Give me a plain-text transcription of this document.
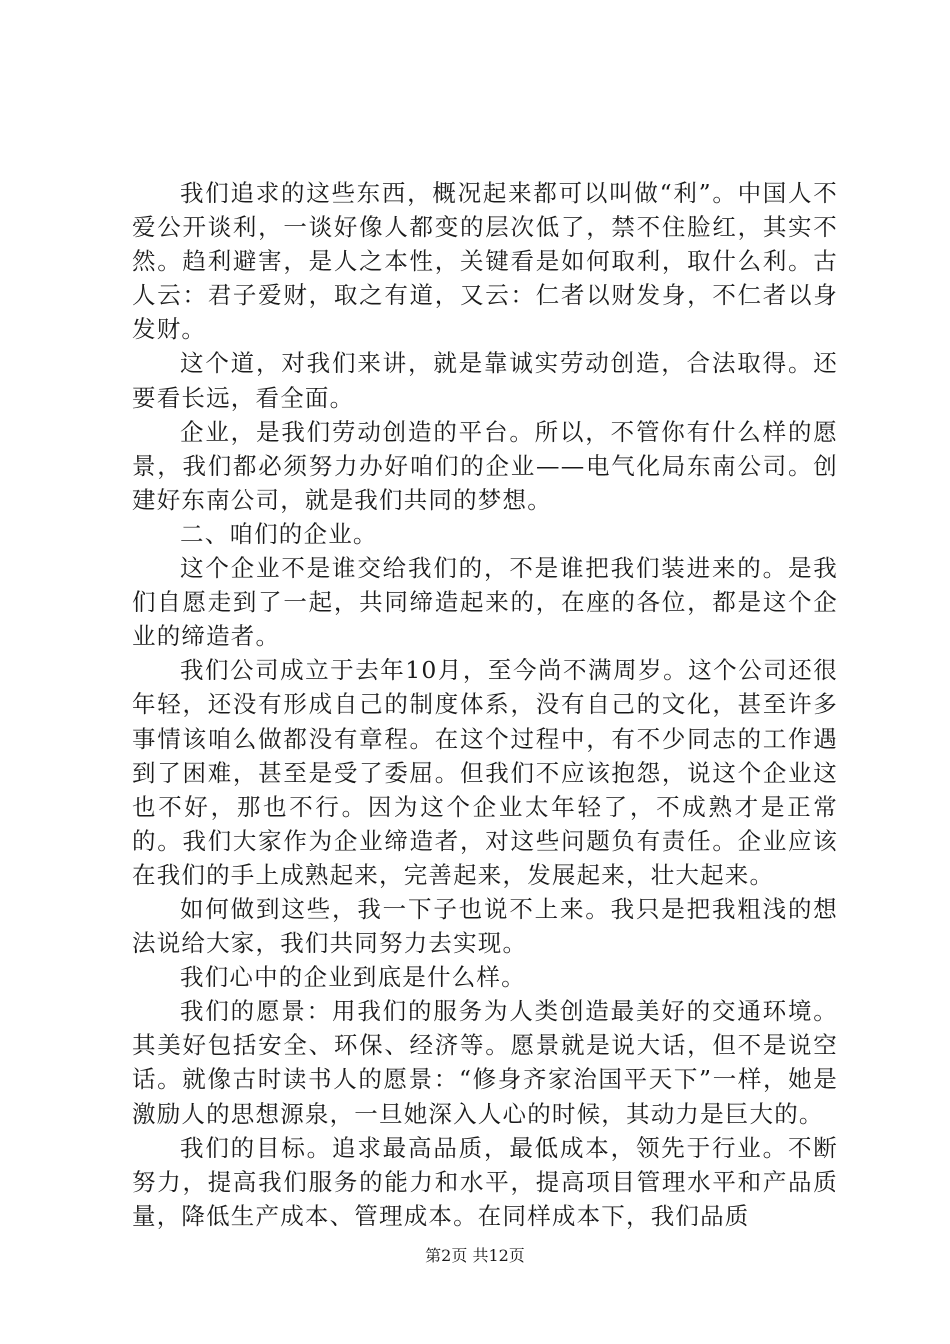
我们追求的这些东西，概况起来都可以叫做“利”。中国人不爱公开谈利，一谈好像人都变的层次低了，禁不住脸红，其实不然。趋利避害，是人之本性，关键看是如何取利，取什么利。古人云：君子爱财，取之有道，又云：仁者以财发身，不仁者以身发财。

这个道，对我们来讲，就是靠诚实劳动创造，合法取得。还要看长远，看全面。

企业，是我们劳动创造的平台。所以，不管你有什么样的愿景，我们都必须努力办好咱们的企业——电气化局东南公司。创建好东南公司，就是我们共同的梦想。

二、咱们的企业。

这个企业不是谁交给我们的，不是谁把我们装进来的。是我们自愿走到了一起，共同缔造起来的，在座的各位，都是这个企业的缔造者。

我们公司成立于去年10月，至今尚不满周岁。这个公司还很年轻，还没有形成自己的制度体系，没有自己的文化，甚至许多事情该咱么做都没有章程。在这个过程中，有不少同志的工作遇到了困难，甚至是受了委屈。但我们不应该抱怨，说这个企业这也不好，那也不行。因为这个企业太年轻了，不成熟才是正常的。我们大家作为企业缔造者，对这些问题负有责任。企业应该在我们的手上成熟起来，完善起来，发展起来，壮大起来。

如何做到这些，我一下子也说不上来。我只是把我粗浅的想法说给大家，我们共同努力去实现。

我们心中的企业到底是什么样。

我们的愿景：用我们的服务为人类创造最美好的交通环境。其美好包括安全、环保、经济等。愿景就是说大话，但不是说空话。就像古时读书人的愿景：“修身齐家治国平天下”一样，她是激励人的思想源泉，一旦她深入人心的时候，其动力是巨大的。

我们的目标。追求最高品质，最低成本，领先于行业。不断努力，提高我们服务的能力和水平，提高项目管理水平和产品质量，降低生产成本、管理成本。在同样成本下，我们品质

第2页 共12页
